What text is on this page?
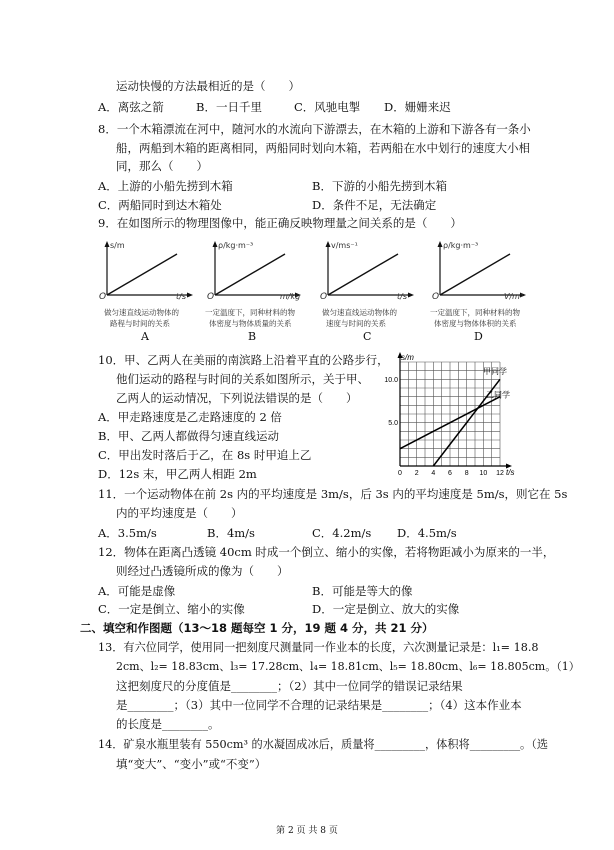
运动快慢的方法最相近的是（　　）
A．离弦之箭	B．一日千里	C．风驰电掣 D．姗姗来迟
8．一个木箱漂流在河中，随河水的水流向下游漂去，在木箱的上游和下游各有一条小
船，两船到木箱的距离相同，两船同时划向木箱，若两船在水中划行的速度大小相
同，那么（　　）
A．上游的小船先捞到木箱	B．下游的小船先捞到木箱
C．两船同时到达木箱处	D．条件不足，无法确定
9．在如图所示的物理图像中，能正确反映物理量之间关系的是（　　）
s/m
O	t/s
做匀速直线运动物体的
路程与时间的关系
A
ρ/kg·m⁻³
O	m/kg
一定温度下，同种材料的物
体密度与物体质量的关系
B
v/ms⁻¹
O	t/s
做匀速直线运动物体的
速度与时间的关系
C
ρ/kg·m⁻³
O	V/m³
一定温度下，同种材料的物
体密度与物体体积的关系
D
10．甲、乙两人在美丽的南滨路上沿着平直的公路步行，
他们运动的路程与时间的关系如图所示，关于甲、
乙两人的运动情况，下列说法错误的是（　　）
A．甲走路速度是乙走路速度的 2 倍
B．甲、乙两人都做得匀速直线运动
C．甲出发时落后于乙，在 8s 时甲追上乙
D．12s 末，甲乙两人相距 2m	0 2 4 6 8 10 12
5.0
10.0
s/m
t/s
甲同学
乙同学
11．一个运动物体在前 2s 内的平均速度是 3m/s，后 3s 内的平均速度是 5m/s，则它在 5s
内的平均速度是（　　）
A．3.5m/s	B．4m/s	C．4.2m/s D．4.5m/s
12．物体在距离凸透镜 40cm 时成一个倒立、缩小的实像，若将物距减小为原来的一半，
则经过凸透镜所成的像为（　　）
A．可能是虚像	B．可能是等大的像
C．一定是倒立、缩小的实像	D．一定是倒立、放大的实像
二、填空和作图题（13～18 题每空 1 分，19 题 4 分，共 21 分）
13．有六位同学，使用同一把刻度尺测量同一作业本的长度，六次测量记录是：l₁= 18.8
2cm、l₂= 18.83cm、l₃= 17.28cm、l₄= 18.81cm、l₅= 18.80cm、l₆= 18.805cm。（1）
这把刻度尺的分度值是________；（2）其中一位同学的错误记录结果
是________；（3）其中一位同学不合理的记录结果是________；（4）这本作业本
的长度是________。
14．矿泉水瓶里装有 550cm³ 的水凝固成冰后，质量将_________，体积将_________。（选
填“变大”、“变小”或“不变”）
第 2 页 共 8 页
